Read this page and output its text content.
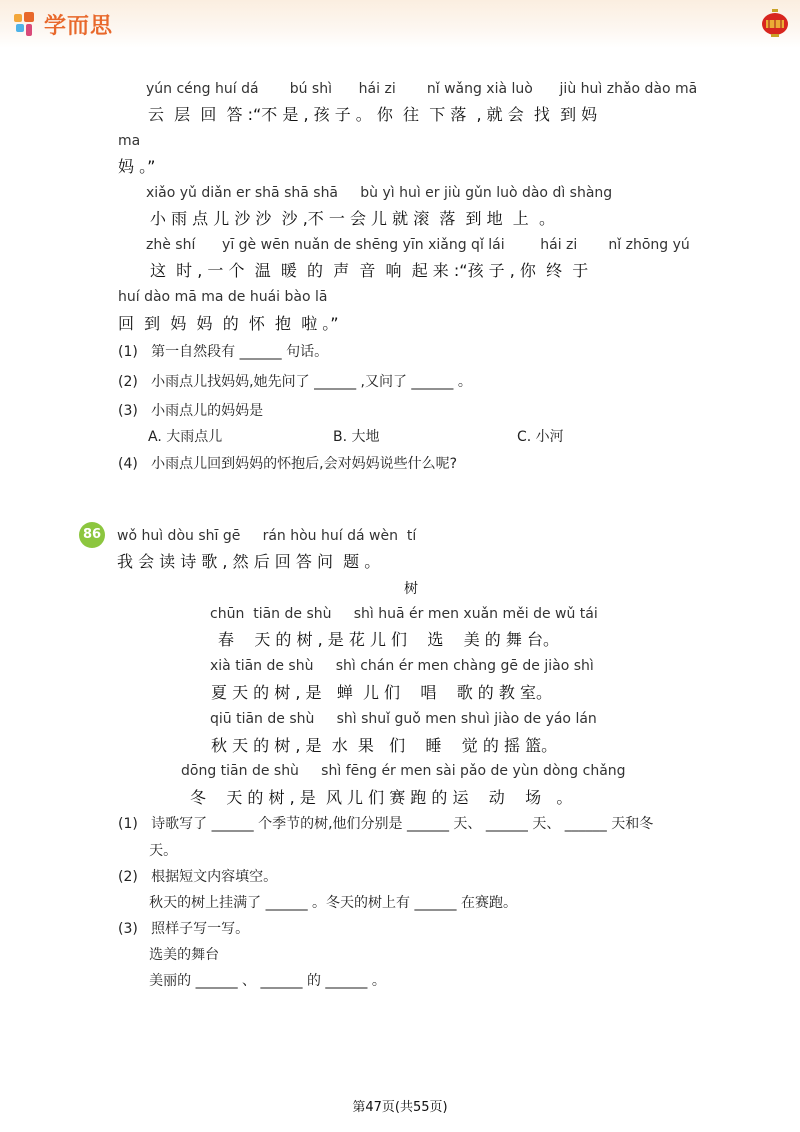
学而思
yún céng huí dá       bú shì      hái zi       nǐ wǎng xià luò      jiù huì zhǎo dào mā
云  层  回  答 :“不 是 , 孩 子 。 你  往  下 落  , 就 会  找  到 妈
ma
妈 。”
xiǎo yǔ diǎn er shā shā shā     bù yì huì er jiù gǔn luò dào dì shàng
小 雨 点 儿 沙 沙  沙 ,不 一 会 儿 就 滚  落  到 地  上  。
zhè shí      yī gè wēn nuǎn de shēng yīn xiǎng qǐ lái        hái zi       nǐ zhōng yú
这  时 , 一 个  温  暖  的  声  音  响  起 来 :“孩 子 , 你  终  于
huí dào mā ma de huái bào lā
回  到  妈  妈  的  怀  抱  啦 。”
(1)   第一自然段有 ______ 句话。
(2)   小雨点儿找妈妈,她先问了 ______ ,又问了 ______ 。
(3)   小雨点儿的妈妈是
A. 大雨点儿	B. 大地	C. 小河
(4)   小雨点儿回到妈妈的怀抱后,会对妈妈说些什么呢?
86 wǒ huì dòu shī gē     rán hòu huí dá wèn  tí
我 会 读 诗 歌 , 然 后 回 答 问  题 。
树
chūn  tiān de shù     shì huā ér men xuǎn měi de wǔ tái
春    天 的 树 , 是 花 儿 们    选    美 的 舞 台。
xià tiān de shù     shì chán ér men chàng gē de jiào shì
夏 天 的 树 , 是   蝉  儿 们    唱    歌 的 教 室。
qiū tiān de shù     shì shuǐ guǒ men shuì jiào de yáo lán
秋 天 的 树 , 是  水  果   们    睡    觉 的 摇 篮。
dōng tiān de shù     shì fēng ér men sài pǎo de yùn dòng chǎng
冬    天 的 树 , 是  风 儿 们 赛 跑 的 运    动    场   。
(1)   诗歌写了 ______ 个季节的树,他们分别是 ______ 天、 ______ 天、 ______ 天和冬
天。
(2)   根据短文内容填空。
秋天的树上挂满了 ______ 。冬天的树上有 ______ 在赛跑。
(3)   照样子写一写。
选美的舞台
美丽的 ______ 、 ______ 的 ______ 。
第47页(共55页)
